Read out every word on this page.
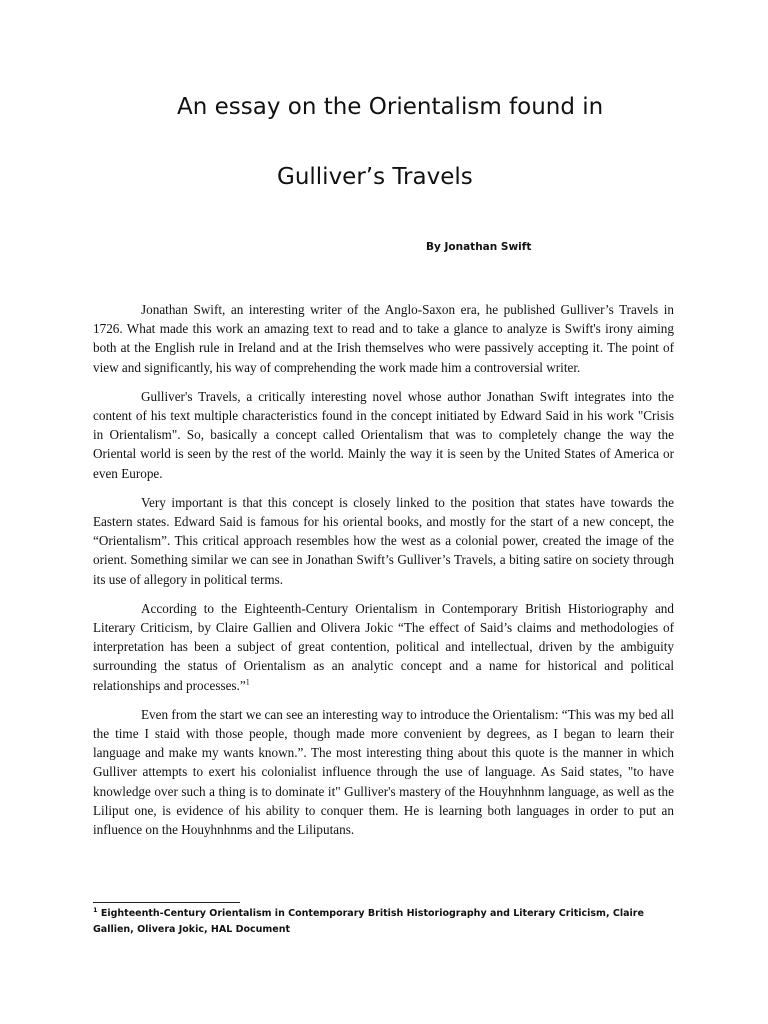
An essay on the Orientalism found in
Gulliver’s Travels
By Jonathan Swift

Jonathan Swift, an interesting writer of the Anglo-Saxon era, he published Gulliver’s Travels in 1726. What made this work an amazing text to read and to take a glance to analyze is Swift's irony aiming both at the English rule in Ireland and at the Irish themselves who were passively accepting it. The point of view and significantly, his way of comprehending the work made him a controversial writer.

Gulliver's Travels, a critically interesting novel whose author Jonathan Swift integrates into the content of his text multiple characteristics found in the concept initiated by Edward Said in his work "Crisis in Orientalism". So, basically a concept called Orientalism that was to completely change the way the Oriental world is seen by the rest of the world. Mainly the way it is seen by the United States of America or even Europe.

Very important is that this concept is closely linked to the position that states have towards the Eastern states. Edward Said is famous for his oriental books, and mostly for the start of a new concept, the “Orientalism”. This critical approach resembles how the west as a colonial power, created the image of the orient. Something similar we can see in Jonathan Swift’s Gulliver’s Travels, a biting satire on society through its use of allegory in political terms.

According to the Eighteenth-Century Orientalism in Contemporary British Historiography and Literary Criticism, by Claire Gallien and Olivera Jokic “The effect of Said’s claims and methodologies of interpretation has been a subject of great contention, political and intellectual, driven by the ambiguity surrounding the status of Orientalism as an analytic concept and a name for historical and political relationships and processes.”$^1$

Even from the start we can see an interesting way to introduce the Orientalism: “This was my bed all the time I staid with those people, though made more convenient by degrees, as I began to learn their language and make my wants known.”. The most interesting thing about this quote is the manner in which Gulliver attempts to exert his colonialist influence through the use of language. As Said states, "to have knowledge over such a thing is to dominate it" Gulliver's mastery of the Houyhnhnm language, as well as the Liliput one, is evidence of his ability to conquer them. He is learning both languages in order to put an influence on the Houyhnhnms and the Liliputans.

$^1$ Eighteenth-Century Orientalism in Contemporary British Historiography and Literary Criticism, Claire Gallien, Olivera Jokic, HAL Document
